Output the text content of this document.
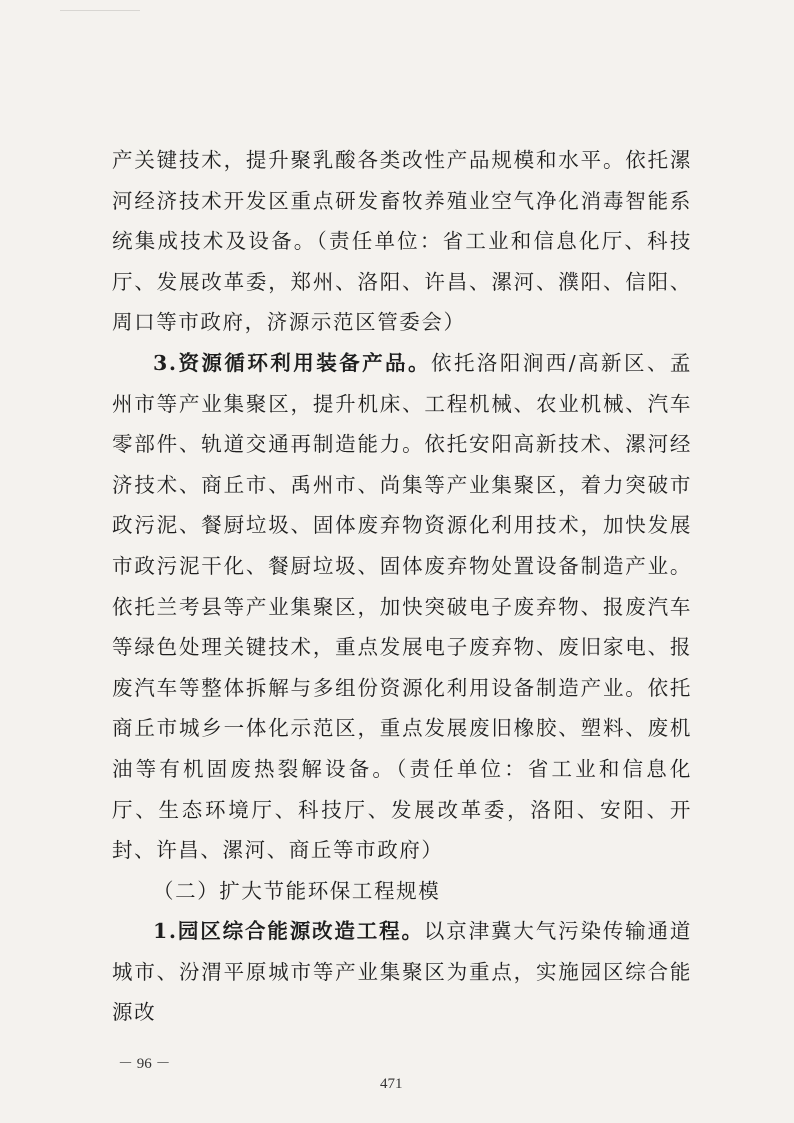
产关键技术，提升聚乳酸各类改性产品规模和水平。依托漯河经济技术开发区重点研发畜牧养殖业空气净化消毒智能系统集成技术及设备。（责任单位：省工业和信息化厅、科技厅、发展改革委，郑州、洛阳、许昌、漯河、濮阳、信阳、周口等市政府，济源示范区管委会）

3.资源循环利用装备产品。依托洛阳涧西/高新区、孟州市等产业集聚区，提升机床、工程机械、农业机械、汽车零部件、轨道交通再制造能力。依托安阳高新技术、漯河经济技术、商丘市、禹州市、尚集等产业集聚区，着力突破市政污泥、餐厨垃圾、固体废弃物资源化利用技术，加快发展市政污泥干化、餐厨垃圾、固体废弃物处置设备制造产业。依托兰考县等产业集聚区，加快突破电子废弃物、报废汽车等绿色处理关键技术，重点发展电子废弃物、废旧家电、报废汽车等整体拆解与多组份资源化利用设备制造产业。依托商丘市城乡一体化示范区，重点发展废旧橡胶、塑料、废机油等有机固废热裂解设备。（责任单位：省工业和信息化厅、生态环境厅、科技厅、发展改革委，洛阳、安阳、开封、许昌、漯河、商丘等市政府）

（二）扩大节能环保工程规模

1.园区综合能源改造工程。以京津冀大气污染传输通道城市、汾渭平原城市等产业集聚区为重点，实施园区综合能源改

－ 96 －
471
